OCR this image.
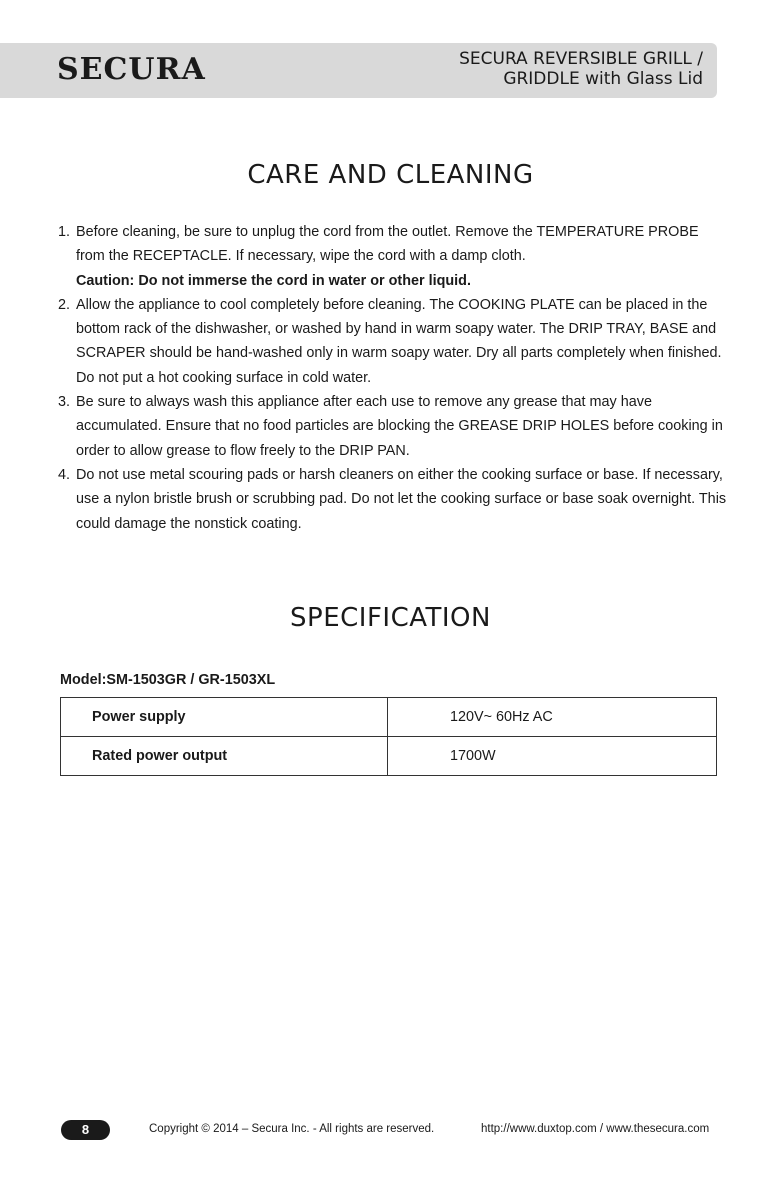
SECURA	SECURA REVERSIBLE GRILL /
GRIDDLE with Glass Lid
CARE AND CLEANING
1. Before cleaning, be sure to unplug the cord from the outlet. Remove the TEMPERATURE PROBE from the RECEPTACLE. If necessary, wipe the cord with a damp cloth.
Caution: Do not immerse the cord in water or other liquid.
2. Allow the appliance to cool completely before cleaning. The COOKING PLATE can be placed in the bottom rack of the dishwasher, or washed by hand in warm soapy water. The DRIP TRAY, BASE and SCRAPER should be hand-washed only in warm soapy water. Dry all parts completely when finished. Do not put a hot cooking surface in cold water.
3. Be sure to always wash this appliance after each use to remove any grease that may have accumulated. Ensure that no food particles are blocking the GREASE DRIP HOLES before cooking in order to allow grease to flow freely to the DRIP PAN.
4. Do not use metal scouring pads or harsh cleaners on either the cooking surface or base. If necessary, use a nylon bristle brush or scrubbing pad. Do not let the cooking surface or base soak overnight. This could damage the nonstick coating.
SPECIFICATION
Model:SM-1503GR / GR-1503XL
Power supply	120V~ 60Hz AC
Rated power output	1700W
8	Copyright © 2014 – Secura Inc. - All rights are reserved.	http://www.duxtop.com / www.thesecura.com
